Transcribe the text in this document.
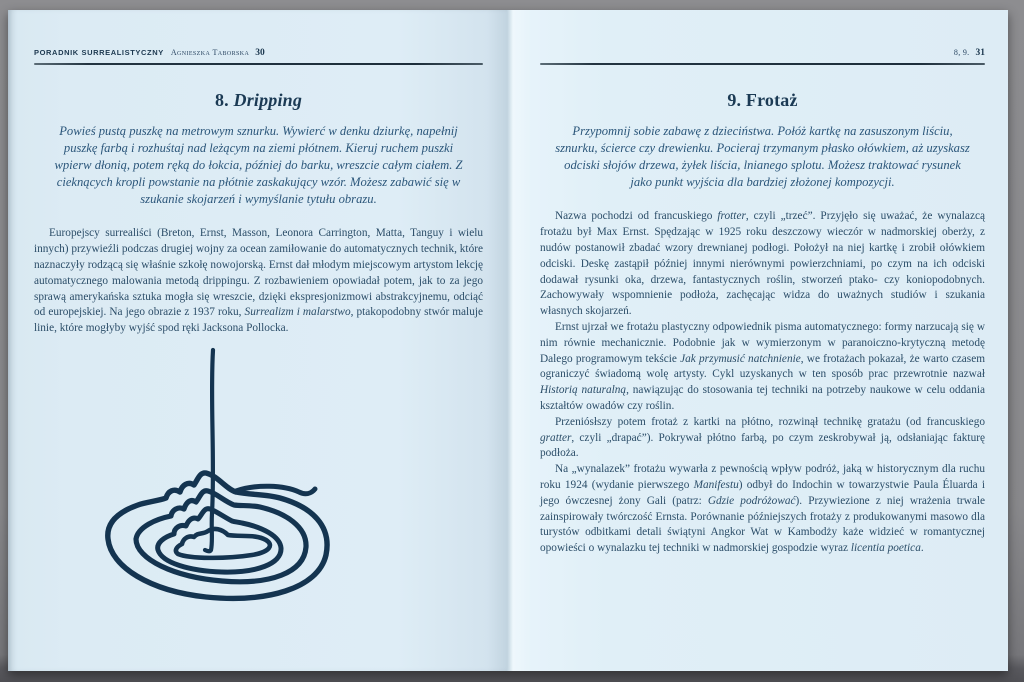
PORADNIK SURREALISTYCZNY Agnieszka Taborska 30
8. Dripping

Powieś pustą puszkę na metrowym sznurku. Wywierć w denku dziurkę, napełnij puszkę farbą i rozhuśtaj nad leżącym na ziemi płótnem. Kieruj ruchem puszki wpierw dłonią, potem ręką do łokcia, później do barku, wreszcie całym ciałem. Z cieknących kropli powstanie na płótnie zaskakujący wzór. Możesz zabawić się w szukanie skojarzeń i wymyślanie tytułu obrazu.

Europejscy surrealiści (Breton, Ernst, Masson, Leonora Carrington, Matta, Tanguy i wielu innych) przywieźli podczas drugiej wojny za ocean zamiłowanie do automatycznych technik, które naznaczyły rodzącą się właśnie szkołę nowojorską. Ernst dał młodym miejscowym artystom lekcję automatycznego malowania metodą drippingu. Z rozbawieniem opowiadał potem, jak to za jego sprawą amerykańska sztuka mogła się wreszcie, dzięki ekspresjonizmowi abstrakcyjnemu, odciąć od europejskiej. Na jego obrazie z 1937 roku, Surrealizm i malarstwo, ptakopodobny stwór maluje linie, które mogłyby wyjść spod ręki Jacksona Pollocka.

8, 9. 31
9. Frotaż

Przypomnij sobie zabawę z dzieciństwa. Połóż kartkę na zasuszonym liściu, sznurku, ścierce czy drewienku. Pocieraj trzymanym płasko ołówkiem, aż uzyskasz odciski słojów drzewa, żyłek liścia, lnianego splotu. Możesz traktować rysunek jako punkt wyjścia dla bardziej złożonej kompozycji.

Nazwa pochodzi od francuskiego frotter, czyli „trzeć”. Przyjęło się uważać, że wynalazcą frotażu był Max Ernst. Spędzając w 1925 roku deszczowy wieczór w nadmorskiej oberży, z nudów postanowił zbadać wzory drewnianej podłogi. Położył na niej kartkę i zrobił ołówkiem odciski. Deskę zastąpił później innymi nierównymi powierzchniami, po czym na ich odciski dodawał rysunki oka, drzewa, fantastycznych roślin, stworzeń ptako- czy koniopodobnych. Zachowywały wspomnienie podłoża, zachęcając widza do uważnych studiów i szukania własnych skojarzeń.

Ernst ujrzał we frotażu plastyczny odpowiednik pisma automatycznego: formy narzucają się w nim równie mechanicznie. Podobnie jak w wymierzonym w paranoiczno-krytyczną metodę Dalego programowym tekście Jak przymusić natchnienie, we frotażach pokazał, że warto czasem ograniczyć świadomą wolę artysty. Cykl uzyskanych w ten sposób prac przewrotnie nazwał Historią naturalną, nawiązując do stosowania tej techniki na potrzeby naukowe w celu oddania kształtów owadów czy roślin.

Przeniósłszy potem frotaż z kartki na płótno, rozwinął technikę gratażu (od francuskiego gratter, czyli „drapać”). Pokrywał płótno farbą, po czym zeskrobywał ją, odsłaniając fakturę podłoża.

Na „wynalazek” frotażu wywarła z pewnością wpływ podróż, jaką w historycznym dla ruchu roku 1924 (wydanie pierwszego Manifestu) odbył do Indochin w towarzystwie Paula Éluarda i jego ówczesnej żony Gali (patrz: Gdzie podróżować). Przywiezione z niej wrażenia trwale zainspirowały twórczość Ernsta. Porównanie późniejszych frotaży z produkowanymi masowo dla turystów odbitkami detali świątyni Angkor Wat w Kambodży każe widzieć w romantycznej opowieści o wynalazku tej techniki w nadmorskiej gospodzie wyraz licentia poetica.
